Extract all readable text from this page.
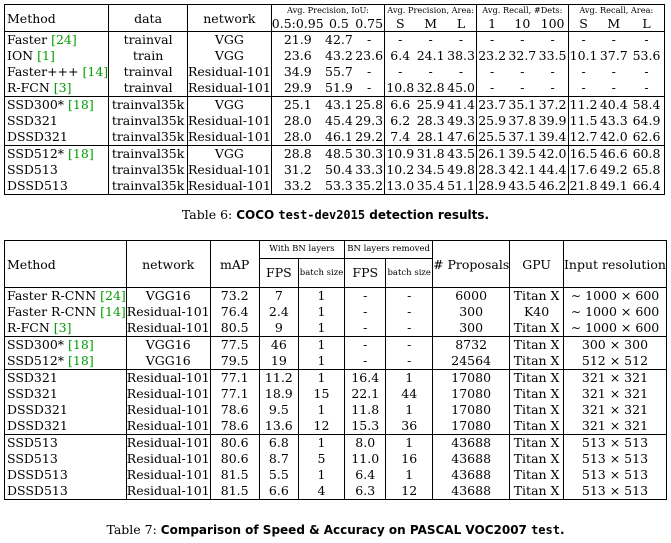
Method	data	network	Avg. Precision, IoU:			Avg. Precision, Area:			Avg. Recall, #Dets:			Avg. Recall, Area:		
			0.5:0.95	0.5	0.75	S	M	L	1	10	100	S	M	L
Faster [24]	trainval	VGG	21.9	42.7	-	-	-	-	-	-	-	-	-	-
ION [1]	train	VGG	23.6	43.2	23.6	6.4	24.1	38.3	23.2	32.7	33.5	10.1	37.7	53.6
Faster+++ [14]	trainval	Residual-101	34.9	55.7	-	-	-	-	-	-	-	-	-	-
R-FCN [3]	trainval	Residual-101	29.9	51.9	-	10.8	32.8	45.0	-	-	-	-	-	-
SSD300* [18]	trainval35k	VGG	25.1	43.1	25.8	6.6	25.9	41.4	23.7	35.1	37.2	11.2	40.4	58.4
SSD321	trainval35k	Residual-101	28.0	45.4	29.3	6.2	28.3	49.3	25.9	37.8	39.9	11.5	43.3	64.9
DSSD321	trainval35k	Residual-101	28.0	46.1	29.2	7.4	28.1	47.6	25.5	37.1	39.4	12.7	42.0	62.6
SSD512* [18]	trainval35k	VGG	28.8	48.5	30.3	10.9	31.8	43.5	26.1	39.5	42.0	16.5	46.6	60.8
SSD513	trainval35k	Residual-101	31.2	50.4	33.3	10.2	34.5	49.8	28.3	42.1	44.4	17.6	49.2	65.8
DSSD513	trainval35k	Residual-101	33.2	53.3	35.2	13.0	35.4	51.1	28.9	43.5	46.2	21.8	49.1	66.4
Table 6: COCO test-dev2015 detection results.
Method	network	mAP	With BN layers		BN layers removed		# Proposals	GPU	Input resolution
			FPS	batch size	FPS	batch size			
Faster R-CNN [24]	VGG16	73.2	7	1	-	-	6000	Titan X	∼ 1000 × 600
Faster R-CNN [14]	Residual-101	76.4	2.4	1	-	-	300	K40	∼ 1000 × 600
R-FCN [3]	Residual-101	80.5	9	1	-	-	300	Titan X	∼ 1000 × 600
SSD300* [18]	VGG16	77.5	46	1	-	-	8732	Titan X	300 × 300
SSD512* [18]	VGG16	79.5	19	1	-	-	24564	Titan X	512 × 512
SSD321	Residual-101	77.1	11.2	1	16.4	1	17080	Titan X	321 × 321
SSD321	Residual-101	77.1	18.9	15	22.1	44	17080	Titan X	321 × 321
DSSD321	Residual-101	78.6	9.5	1	11.8	1	17080	Titan X	321 × 321
DSSD321	Residual-101	78.6	13.6	12	15.3	36	17080	Titan X	321 × 321
SSD513	Residual-101	80.6	6.8	1	8.0	1	43688	Titan X	513 × 513
SSD513	Residual-101	80.6	8.7	5	11.0	16	43688	Titan X	513 × 513
DSSD513	Residual-101	81.5	5.5	1	6.4	1	43688	Titan X	513 × 513
DSSD513	Residual-101	81.5	6.6	4	6.3	12	43688	Titan X	513 × 513
Table 7: Comparison of Speed & Accuracy on PASCAL VOC2007 test.
